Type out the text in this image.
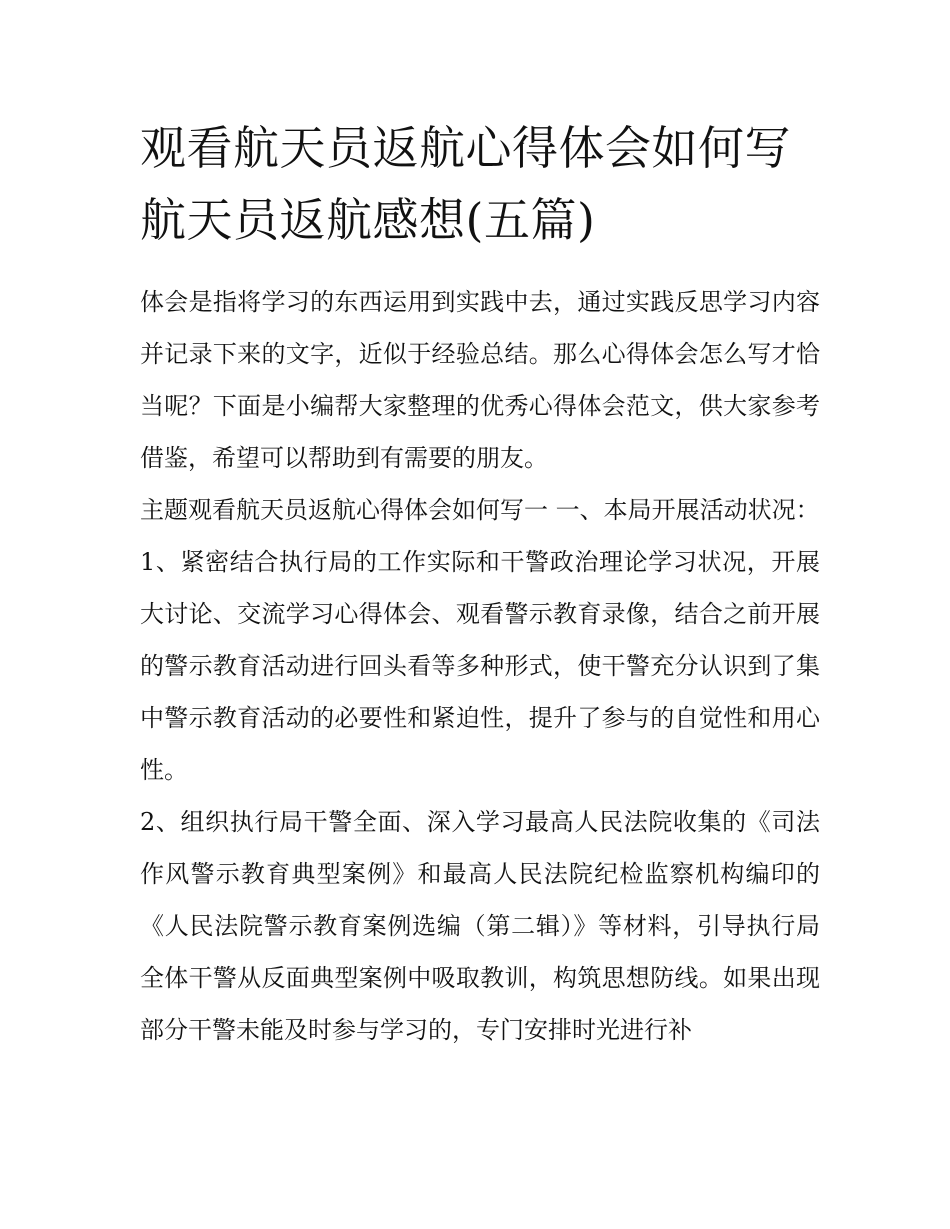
观看航天员返航心得体会如何写 航天员返航感想(五篇)

体会是指将学习的东西运用到实践中去，通过实践反思学习内容并记录下来的文字，近似于经验总结。那么心得体会怎么写才恰当呢？下面是小编帮大家整理的优秀心得体会范文，供大家参考借鉴，希望可以帮助到有需要的朋友。

主题观看航天员返航心得体会如何写一 一、本局开展活动状况：

1、紧密结合执行局的工作实际和干警政治理论学习状况，开展大讨论、交流学习心得体会、观看警示教育录像，结合之前开展的警示教育活动进行回头看等多种形式，使干警充分认识到了集中警示教育活动的必要性和紧迫性，提升了参与的自觉性和用心性。

2、组织执行局干警全面、深入学习最高人民法院收集的《司法作风警示教育典型案例》和最高人民法院纪检监察机构编印的《人民法院警示教育案例选编（第二辑）》等材料，引导执行局全体干警从反面典型案例中吸取教训，构筑思想防线。如果出现部分干警未能及时参与学习的，专门安排时光进行补
